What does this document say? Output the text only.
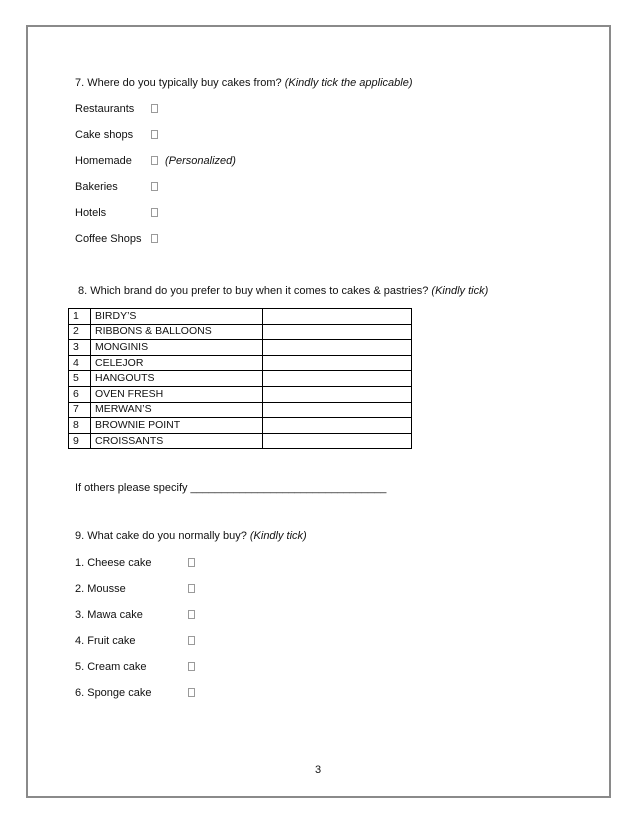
7. Where do you typically buy cakes from? (Kindly tick the applicable)
Restaurants
Cake shops
Homemade	(Personalized)
Bakeries
Hotels
Coffee Shops
8. Which brand do you prefer to buy when it comes to cakes & pastries? (Kindly tick)
1	BIRDY’S	
2	RIBBONS & BALLOONS	
3	MONGINIS	
4	CELEJOR	
5	HANGOUTS	
6	OVEN FRESH	
7	MERWAN’S	
8	BROWNIE POINT	
9	CROISSANTS	
If others please specify ________________________________
9. What cake do you normally buy? (Kindly tick)
1. Cheese cake
2. Mousse
3. Mawa cake
4. Fruit cake
5. Cream cake
6. Sponge cake
3
